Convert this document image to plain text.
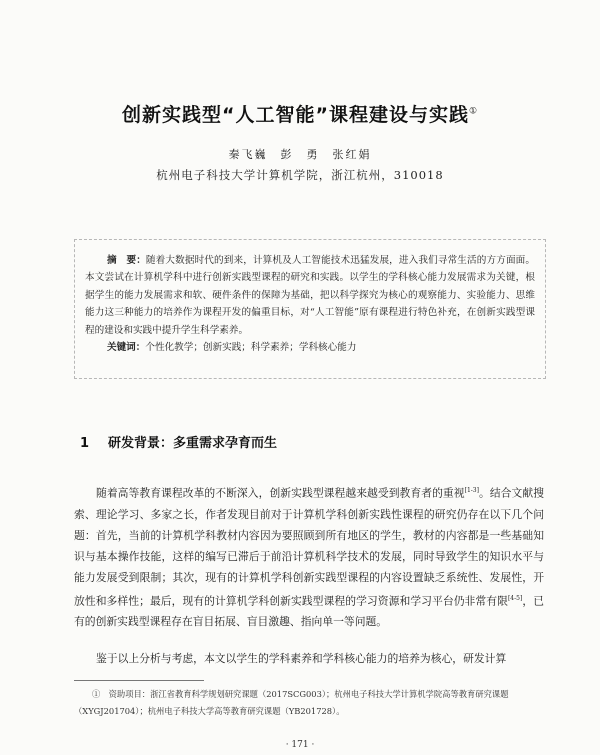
创新实践型“人工智能”课程建设与实践①
秦飞巍　彭　勇　张红娟
杭州电子科技大学计算机学院，浙江杭州，310018

摘　要：随着大数据时代的到来，计算机及人工智能技术迅猛发展，进入我们寻常生活的方方面面。本文尝试在计算机学科中进行创新实践型课程的研究和实践。以学生的学科核心能力发展需求为关键，根据学生的能力发展需求和软、硬件条件的保障为基础，把以科学探究为核心的观察能力、实验能力、思维能力这三种能力的培养作为课程开发的偏重目标，对“人工智能”原有课程进行特色补充，在创新实践型课程的建设和实践中提升学生科学素养。

关键词：个性化教学；创新实践；科学素养；学科核心能力

1 研发背景：多重需求孕育而生

随着高等教育课程改革的不断深入，创新实践型课程越来越受到教育者的重视[1-3]。结合文献搜索、理论学习、多家之长，作者发现目前对于计算机学科创新实践性课程的研究仍存在以下几个问题：首先，当前的计算机学科教材内容因为要照顾到所有地区的学生，教材的内容都是一些基础知识与基本操作技能，这样的编写已滞后于前沿计算机科学技术的发展，同时导致学生的知识水平与能力发展受到限制；其次，现有的计算机学科创新实践型课程的内容设置缺乏系统性、发展性，开放性和多样性；最后，现有的计算机学科创新实践型课程的学习资源和学习平台仍非常有限[4-5]，已有的创新实践型课程存在盲目拓展、盲目激趣、指向单一等问题。

鉴于以上分析与考虑，本文以学生的学科素养和学科核心能力的培养为核心，研发计算

①　资助项目：浙江省教育科学规划研究课题（2017SCG003）；杭州电子科技大学计算机学院高等教育研究课题（XYGJ201704）；杭州电子科技大学高等教育研究课题（YB201728）。

· 171 ·
